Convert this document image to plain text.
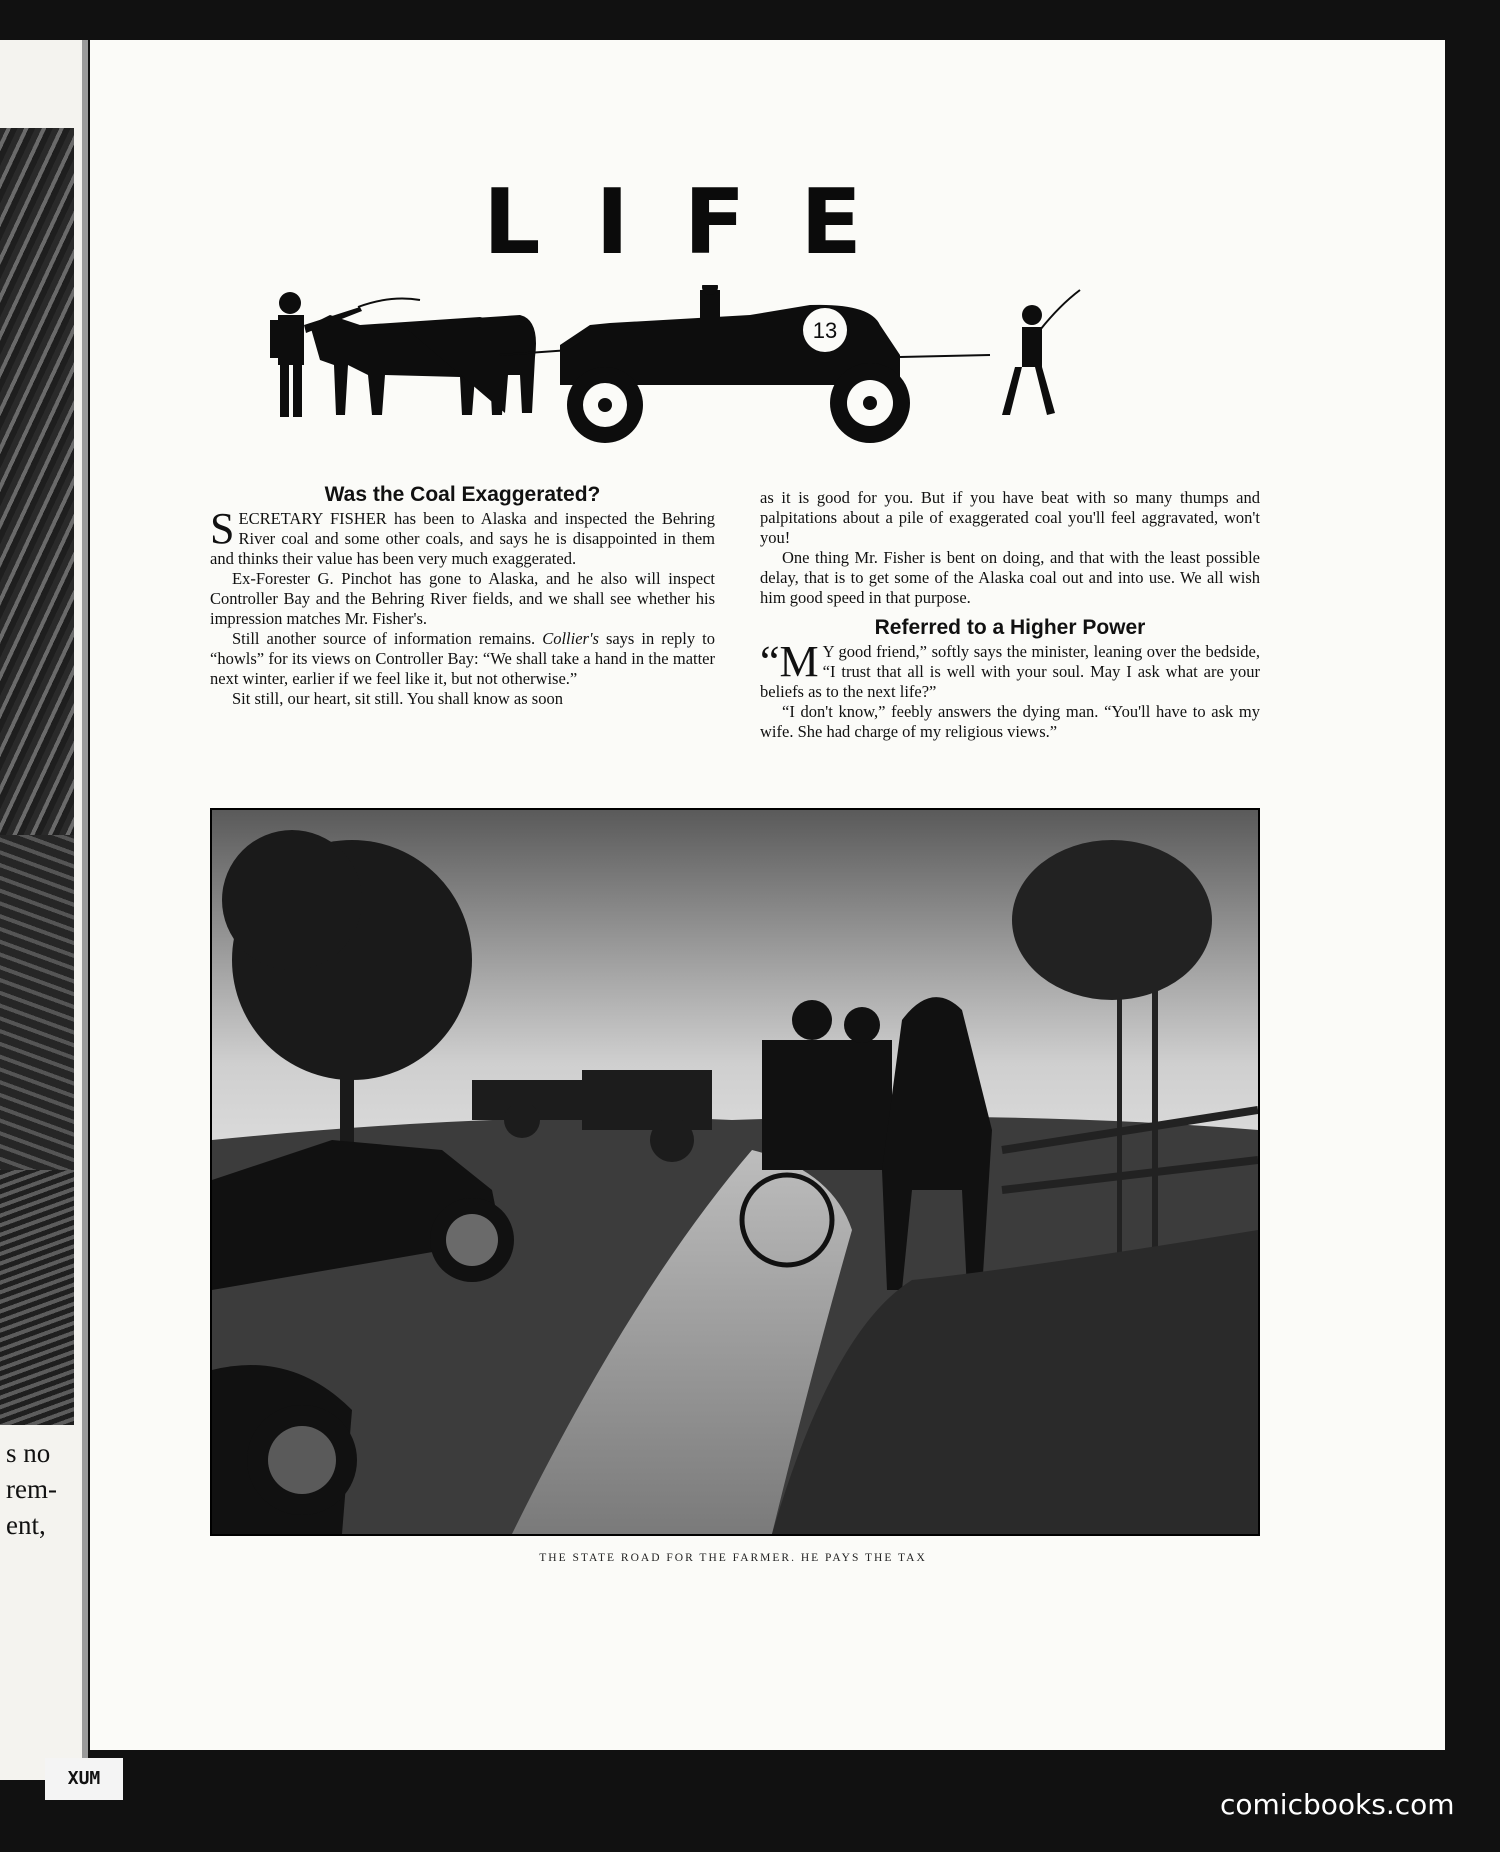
s no
rem-
ent,
LIFE
13
Was the Coal Exaggerated?

SECRETARY FISHER has been to Alaska and inspected the Behring River coal and some other coals, and says he is disappointed in them and thinks their value has been very much exaggerated.

Ex-Forester G. Pinchot has gone to Alaska, and he also will inspect Controller Bay and the Behring River fields, and we shall see whether his impression matches Mr. Fisher's.

Still another source of information remains. Collier's says in reply to “howls” for its views on Controller Bay: “We shall take a hand in the matter next winter, earlier if we feel like it, but not otherwise.”

Sit still, our heart, sit still. You shall know as soon

as it is good for you. But if you have beat with so many thumps and palpitations about a pile of exaggerated coal you'll feel aggravated, won't you!

One thing Mr. Fisher is bent on doing, and that with the least possible delay, that is to get some of the Alaska coal out and into use. We all wish him good speed in that purpose.

Referred to a Higher Power

“M Y good friend,” softly says the minister, leaning over the bedside, “I trust that all is well with your soul. May I ask what are your beliefs as to the next life?”

“I don't know,” feebly answers the dying man. “You'll have to ask my wife. She had charge of my religious views.”

THE STATE ROAD FOR THE FARMER. HE PAYS THE TAX
XUM
comicbooks.com
